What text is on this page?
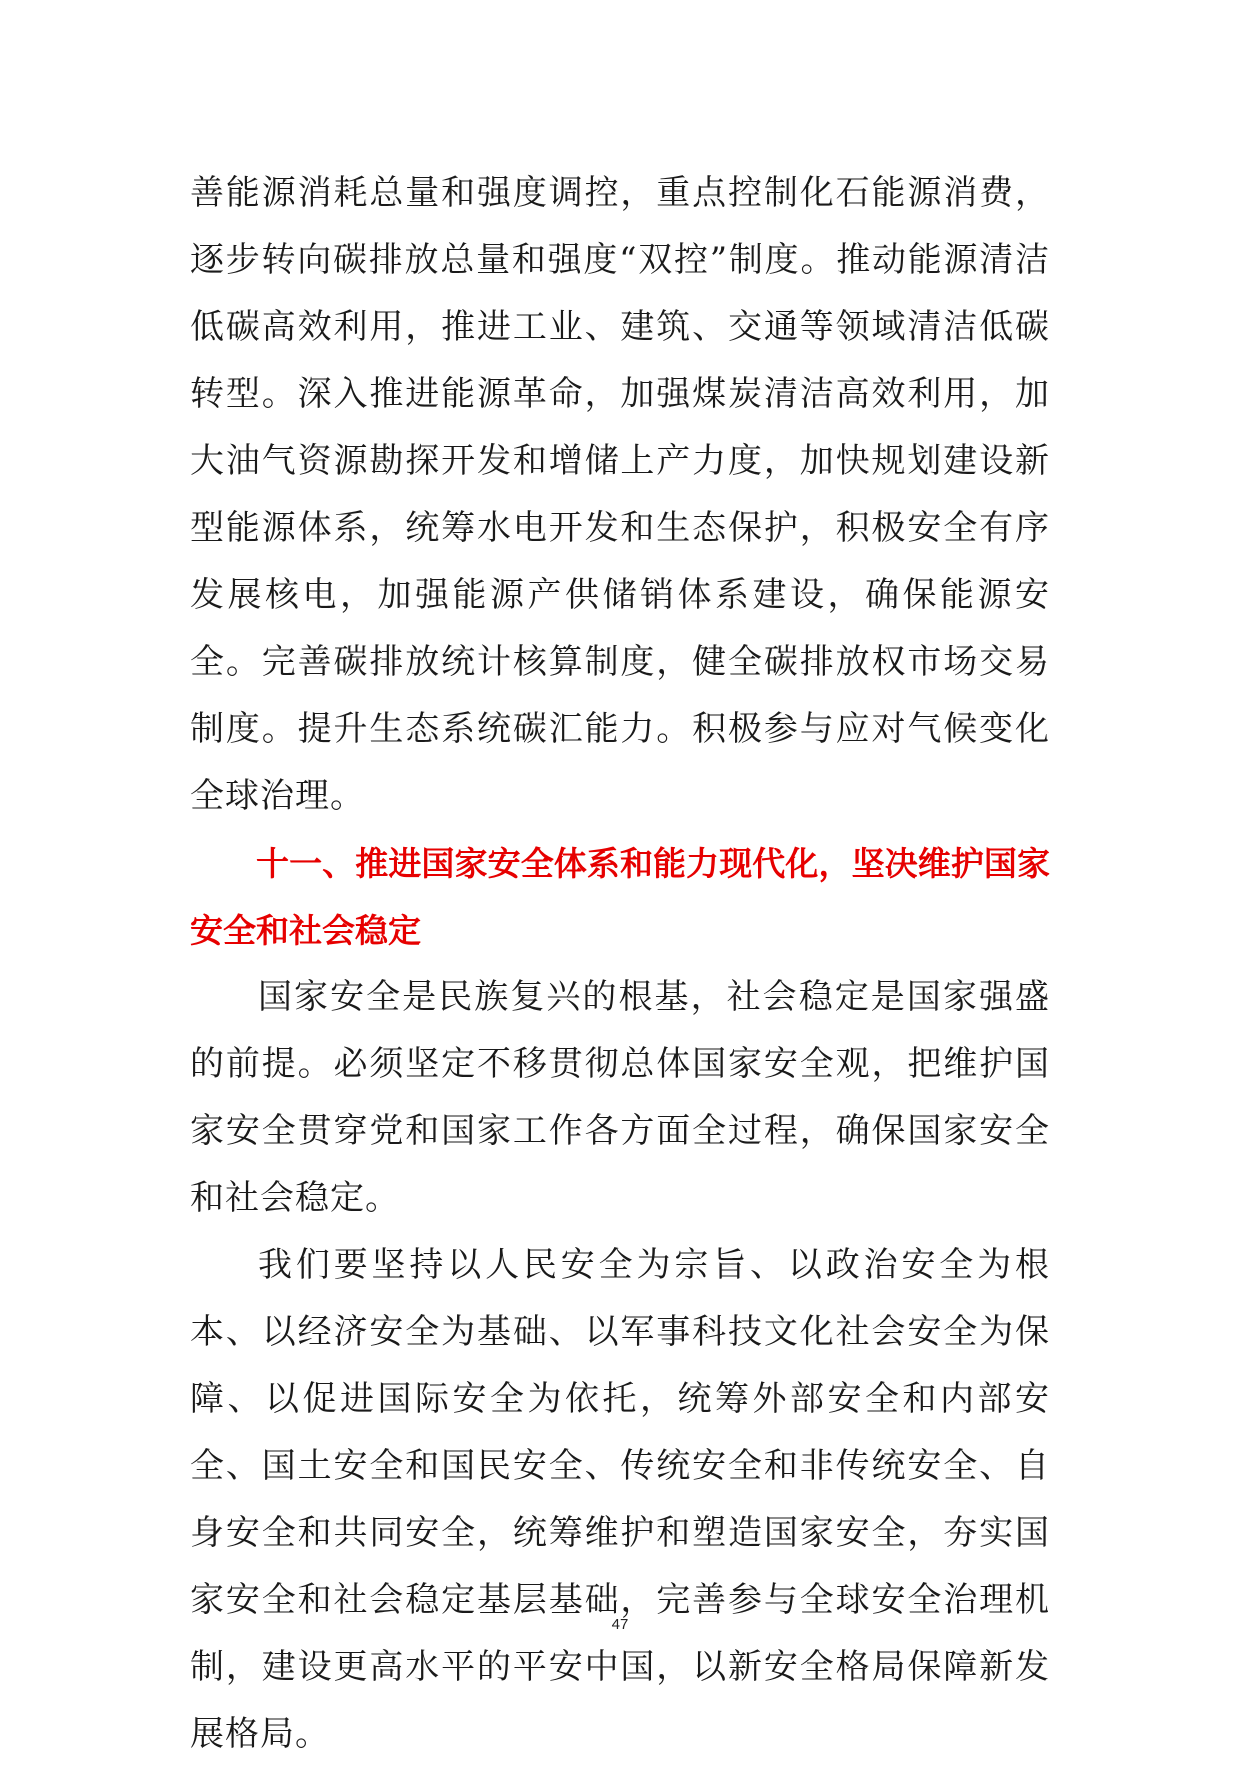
善能源消耗总量和强度调控，重点控制化石能源消费，逐步转向碳排放总量和强度“双控”制度。推动能源清洁低碳高效利用，推进工业、建筑、交通等领域清洁低碳转型。深入推进能源革命，加强煤炭清洁高效利用，加大油气资源勘探开发和增储上产力度，加快规划建设新型能源体系，统筹水电开发和生态保护，积极安全有序发展核电，加强能源产供储销体系建设，确保能源安全。完善碳排放统计核算制度，健全碳排放权市场交易制度。提升生态系统碳汇能力。积极参与应对气候变化全球治理。

十一、推进国家安全体系和能力现代化，坚决维护国家安全和社会稳定

国家安全是民族复兴的根基，社会稳定是国家强盛的前提。必须坚定不移贯彻总体国家安全观，把维护国家安全贯穿党和国家工作各方面全过程，确保国家安全和社会稳定。

我们要坚持以人民安全为宗旨、以政治安全为根本、以经济安全为基础、以军事科技文化社会安全为保障、以促进国际安全为依托，统筹外部安全和内部安全、国土安全和国民安全、传统安全和非传统安全、自身安全和共同安全，统筹维护和塑造国家安全，夯实国家安全和社会稳定基层基础，完善参与全球安全治理机制，建设更高水平的平安中国，以新安全格局保障新发展格局。

47
